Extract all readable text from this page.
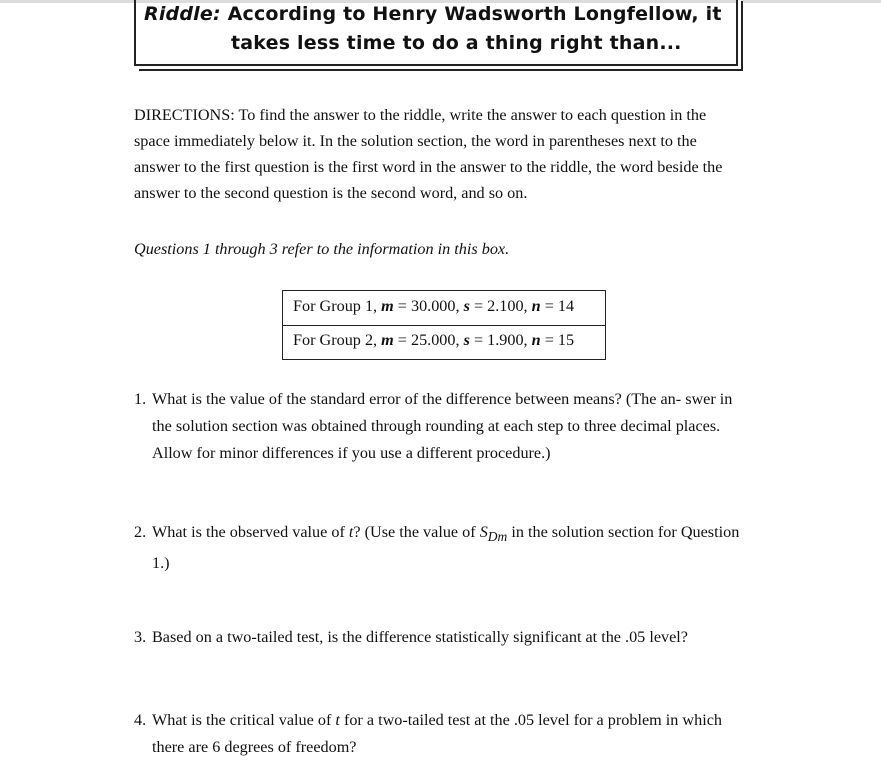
Riddle: According to Henry Wadsworth Longfellow, it
takes less time to do a thing right than...
DIRECTIONS: To find the answer to the riddle, write the answer to each question in the space immediately below it. In the solution section, the word in parentheses next to the answer to the first question is the first word in the answer to the riddle, the word beside the answer to the second question is the second word, and so on.
Questions 1 through 3 refer to the information in this box.
For Group 1, m = 30.000, s = 2.100, n = 14
For Group 2, m = 25.000, s = 1.900, n = 15
1. What is the value of the standard error of the difference between means? (The an- swer in the solution section was obtained through rounding at each step to three decimal places. Allow for minor differences if you use a different procedure.)
2. What is the observed value of t? (Use the value of $S_{Dm}$ in the solution section for Question 1.)
3. Based on a two-tailed test, is the difference statistically significant at the .05 level?
4. What is the critical value of t for a two-tailed test at the .05 level for a problem in which there are 6 degrees of freedom?
